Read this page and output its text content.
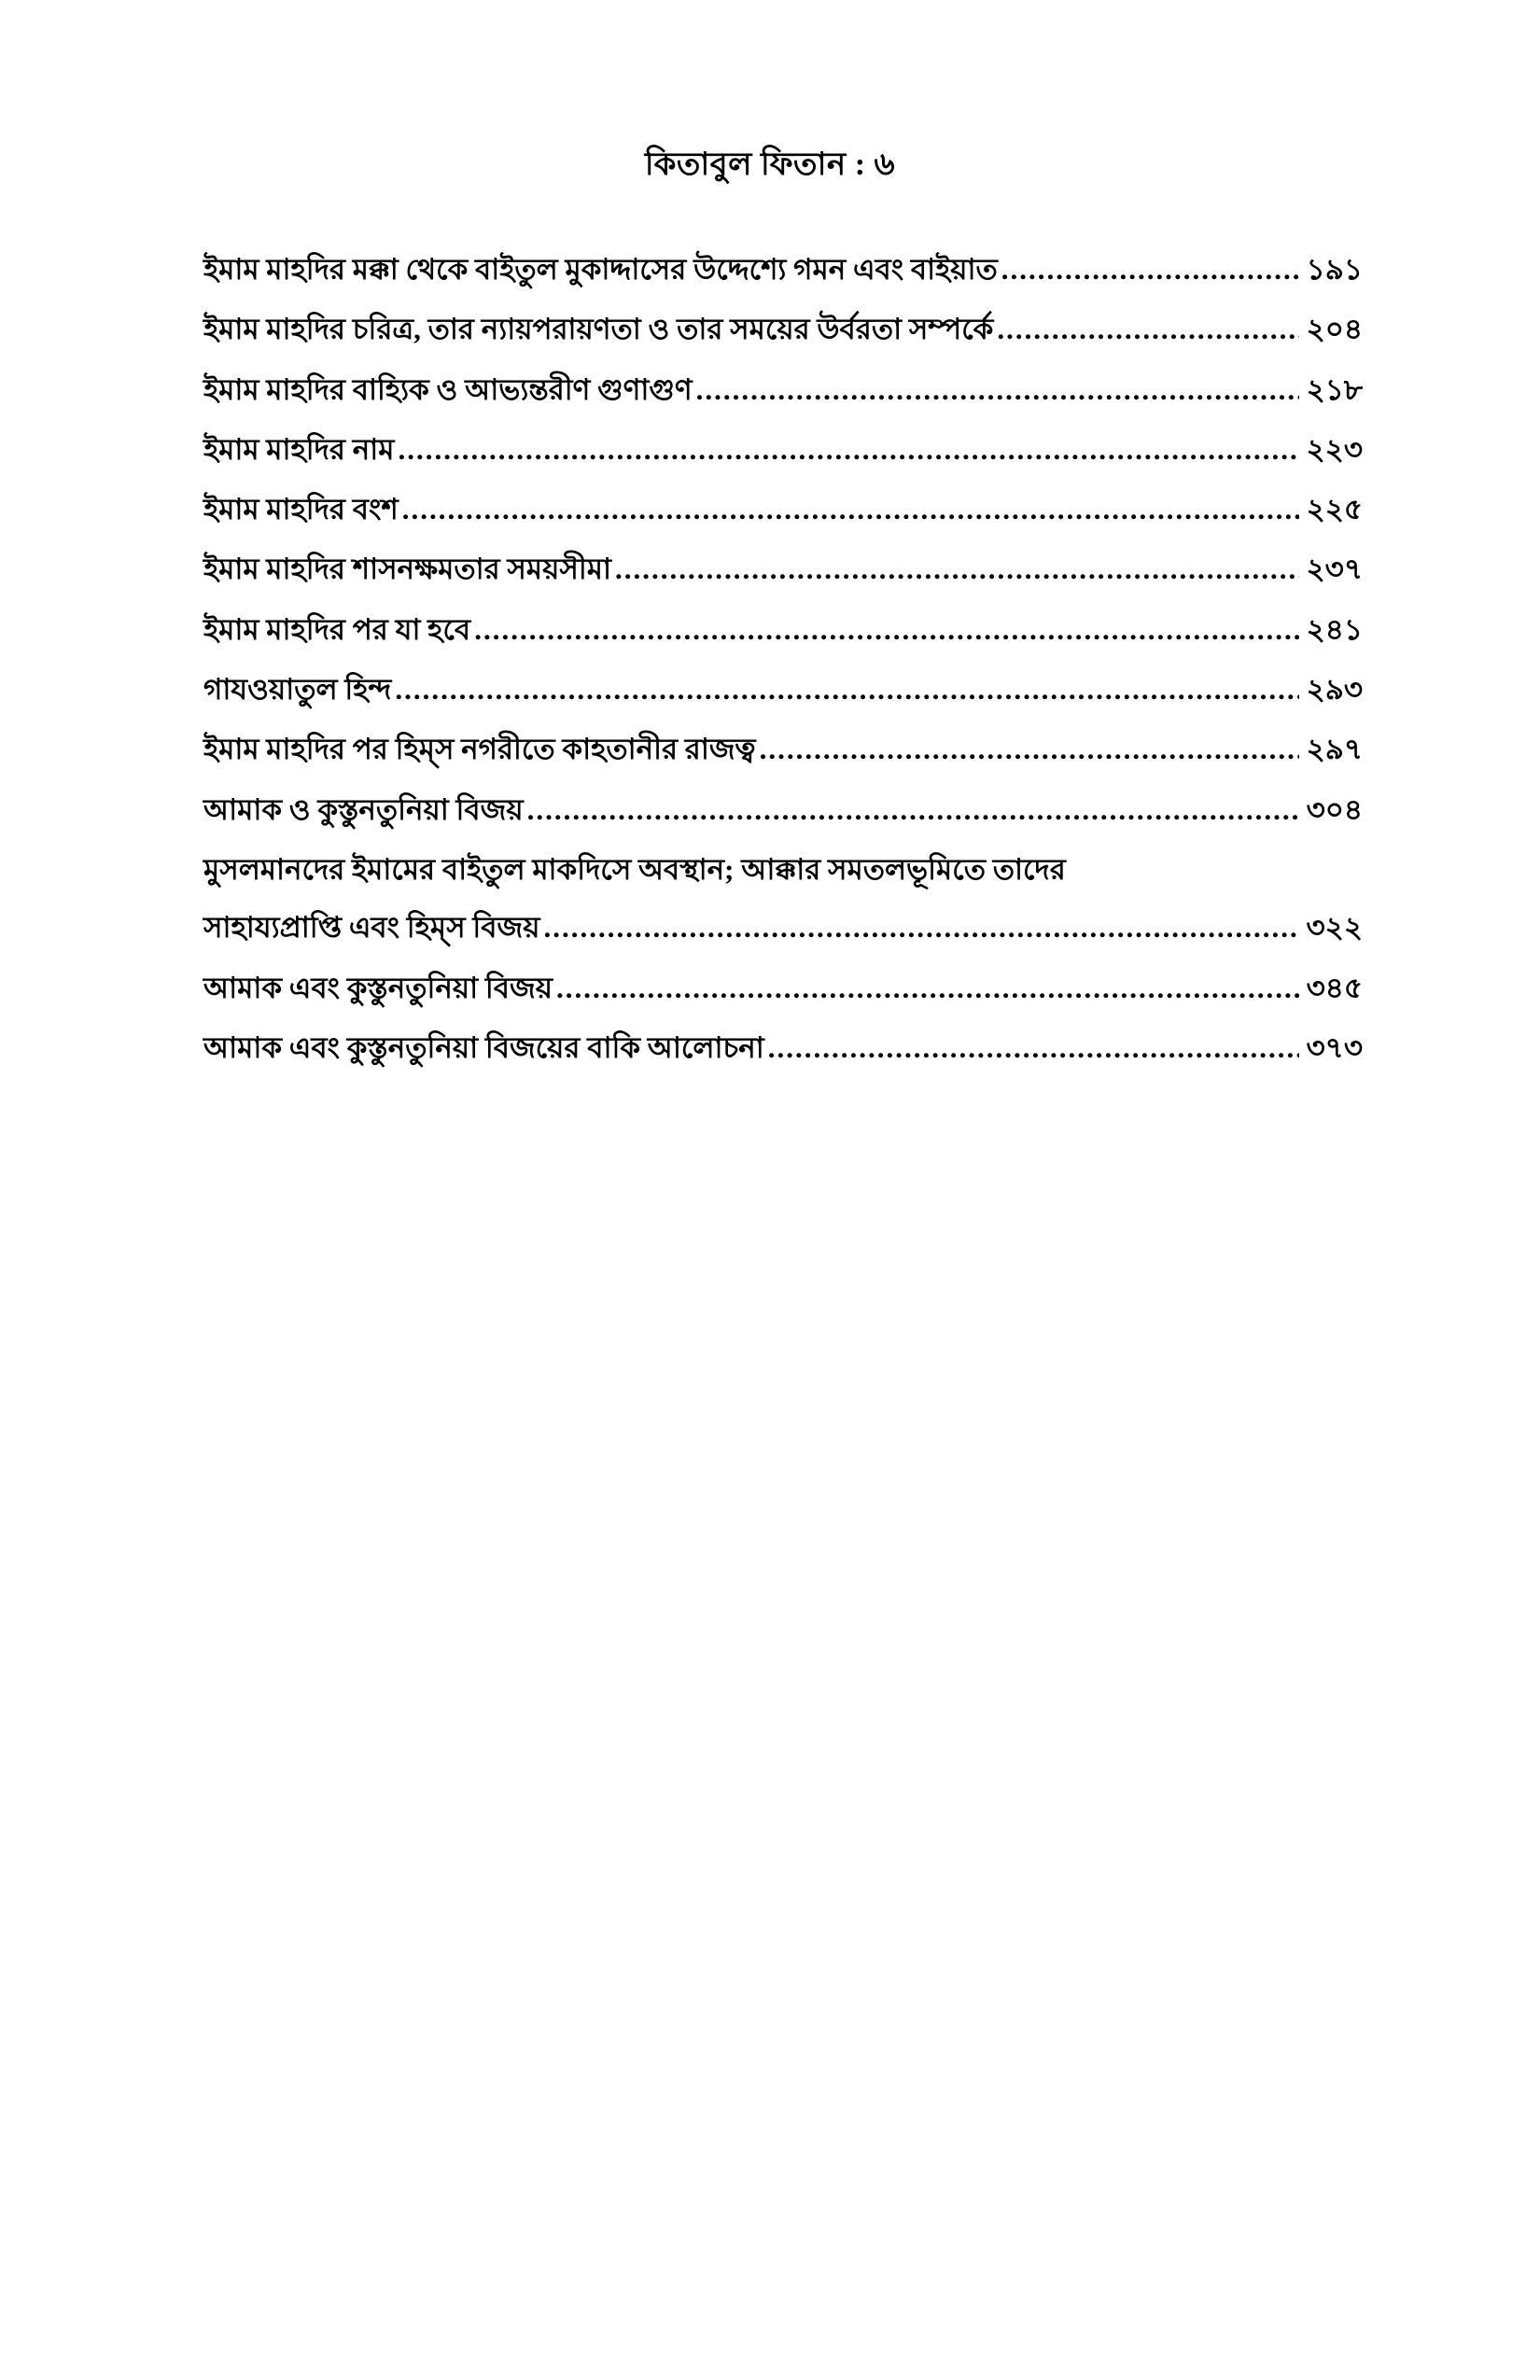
কিতাবুল ফিতান : ৬
ইমাম মাহদির মক্কা থেকে বাইতুল মুকাদ্দাসের উদ্দেশ্যে গমন এবং বাইয়াত .....	১৯১
ইমাম মাহদির চরিত্র, তার ন্যায়পরায়ণতা ও তার সময়ের উর্বরতা সম্পর্কে .....	২০৪
ইমাম মাহদির বাহ্যিক ও আভ্যন্তরীণ গুণাগুণ .....	২১৮
ইমাম মাহদির নাম .....	২২৩
ইমাম মাহদির বংশ .....	২২৫
ইমাম মাহদির শাসনক্ষমতার সময়সীমা .....	২৩৭
ইমাম মাহদির পর যা হবে .....	২৪১
গাযওয়াতুল হিন্দ .....	২৯৩
ইমাম মাহদির পর হিম্‌স নগরীতে কাহতানীর রাজত্ব .....	২৯৭
আমাক ও কুস্তুনতুনিয়া বিজয় .....	৩০৪
মুসলমানদের ইমামের বাইতুল মাকদিসে অবস্থান; আক্কার সমতলভূমিতে তাদের
সাহায্যপ্রাপ্তি এবং হিম্‌স বিজয় .....	৩২২
আমাক এবং কুস্তুনতুনিয়া বিজয় .....	৩৪৫
আমাক এবং কুস্তুনতুনিয়া বিজয়ের বাকি আলোচনা .....	৩৭৩
